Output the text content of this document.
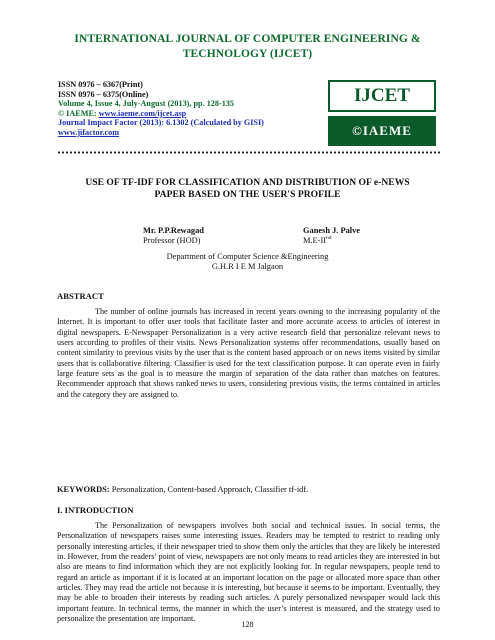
INTERNATIONAL JOURNAL OF COMPUTER ENGINEERING &
TECHNOLOGY (IJCET)
ISSN 0976 – 6367(Print)
ISSN 0976 – 6375(Online)
Volume 4, Issue 4, July-August (2013), pp. 128-135
© IAEME: www.iaeme.com/ijcet.asp
Journal Impact Factor (2013): 6.1302 (Calculated by GISI)
www.jifactor.com
IJCET
©IAEME
USE OF TF-IDF FOR CLASSIFICATION AND DISTRIBUTION OF e-NEWS
PAPER BASED ON THE USER'S PROFILE
Mr. P.P.Rewagad
Professor (HOD)
Ganesh J. Palve
M.E-IInd
Department of Computer Science &Engineering
G.H.R I E M Jalgaon
ABSTRACT
The number of online journals has increased in recent years owning to the increasing popularity of the Internet. It is important to offer user tools that facilitate faster and more accurate access to articles of interest in digital newspapers. E-Newspaper Personalization is a very active research field that personalize relevant news to users according to profiles of their visits. News Personalization systems offer recommendations, usually based on content similarity to previous visits by the user that is the content based approach or on news items visited by similar users that is collaborative filtering. Classifier is used for the text classification purpose. It can operate even in fairly large feature sets as the goal is to measure the margin of separation of the data rather than matches on features. Recommender approach that shows ranked news to users, considering previous visits, the terms contained in articles and the category they are assigned to.
KEYWORDS: Personalization, Content-based Approach, Classifier tf-idf.
I. INTRODUCTION
The Personalization of newspapers involves both social and technical issues. In social terms, the Personalization of newspapers raises some interesting issues. Readers may be tempted to restrict to reading only personally interesting articles, if their newspaper tried to show them only the articles that they are likely be interested in. However, from the readers’ point of view, newspapers are not only means to read articles they are interested in but also are means to find information which they are not explicitly looking for. In regular newspapers, people tend to regard an article as important if it is located at an important location on the page or allocated more space than other articles. They may read the article not because it is interesting, but because it seems to be important. Eventually, they may be able to broaden their interests by reading such articles. A purely personalized newspaper would lack this important feature. In technical terms, the manner in which the user’s interest is measured, and the strategy used to personalize the presentation are important.
128
